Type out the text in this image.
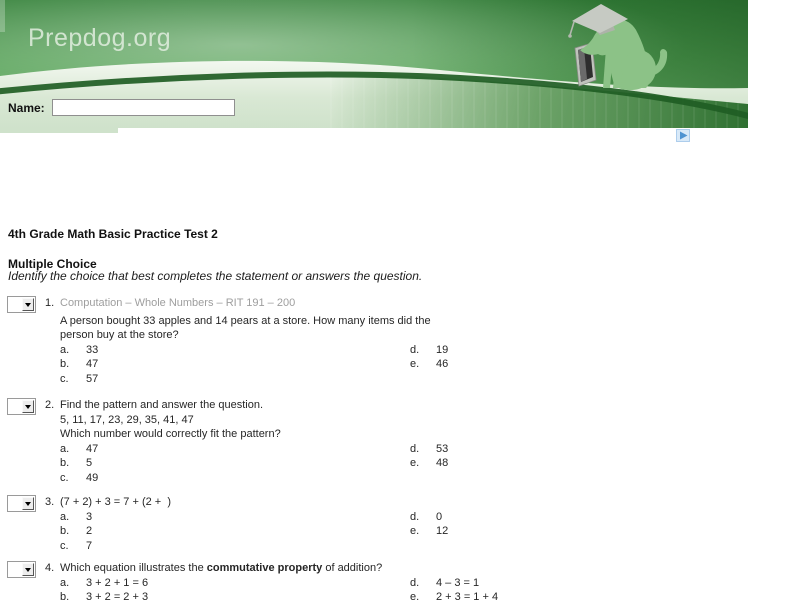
Prepdog.org
Name:
4th Grade Math Basic Practice Test 2
Multiple Choice
Identify the choice that best completes the statement or answers the question.
1. Computation – Whole Numbers – RIT 191 – 200
A person bought 33 apples and 14 pears at a store. How many items did the
person buy at the store?
a. 33	d. 19
b. 47	e. 46
c. 57
2. Find the pattern and answer the question.
5, 11, 17, 23, 29, 35, 41, 47
Which number would correctly fit the pattern?
a. 47	d. 53
b. 5	e. 48
c. 49
3. (7 + 2) + 3 = 7 + (2 +  )
a. 3	d. 0
b. 2	e. 12
c. 7
4. Which equation illustrates the commutative property of addition?
a. 3 + 2 + 1 = 6	d. 4 – 3 = 1
b. 3 + 2 = 2 + 3	e. 2 + 3 = 1 + 4
